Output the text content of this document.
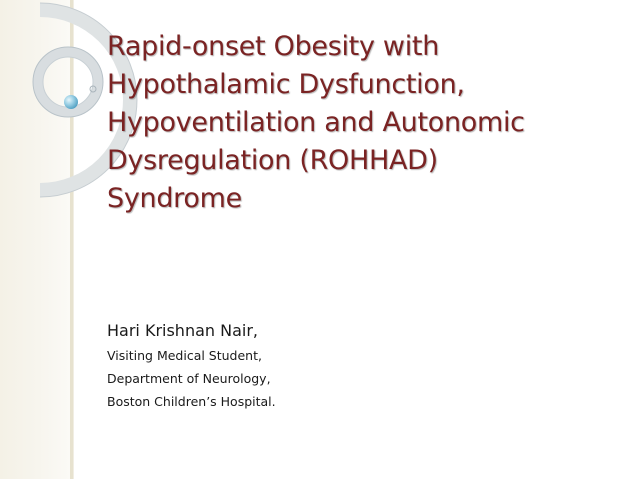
Rapid-onset Obesity with
Hypothalamic Dysfunction,
Hypoventilation and Autonomic
Dysregulation (ROHHAD)
Syndrome
Hari Krishnan Nair,
Visiting Medical Student,
Department of Neurology,
Boston Children’s Hospital.
